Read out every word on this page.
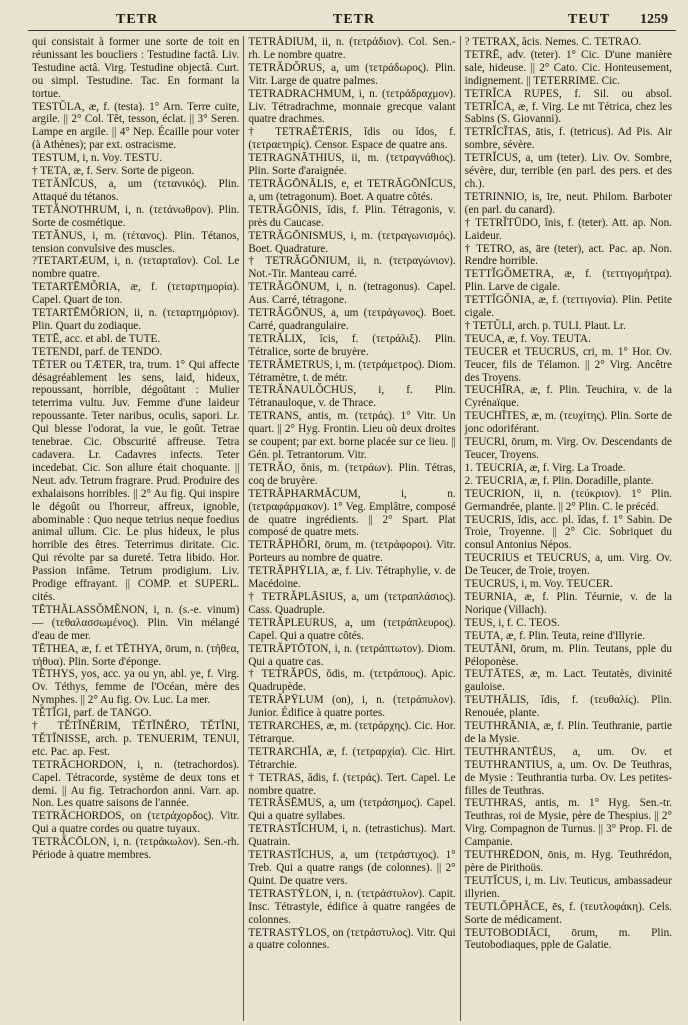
TETR	TETR	TEUT 1259

qui consistait à former une sorte de toit en réunissant les boucliers : Testudine factâ. Liv. Testudine actâ. Virg. Testudine objectâ. Curt. ou simpl. Testudine. Tac. En formant la tortue.

TESTŬLA, æ, f. (testa). 1° Arn. Terre cuite, argile. || 2° Col. Têt, tesson, éclat. || 3° Seren. Lampe en argile. || 4° Nep. Écaille pour voter (à Athènes); par ext. ostracisme.

TESTUM, i, n. Voy. TESTU.

† TETA, æ, f. Serv. Sorte de pigeon.

TETĂNĬCUS, a, um (τετανικός). Plin. Attaqué du tétanos.

TETĂNOTHRUM, i, n. (τετάνωθρον). Plin. Sorte de cosmétique.

TETĂNUS, i, m. (τέτανος). Plin. Tétanos, tension convulsive des muscles.

?TETARTÆUM, i, n. (τεταρταῖον). Col. Le nombre quatre.

TETARTĒMŎRIA, æ, f. (τεταρτημορία). Capel. Quart de ton.

TETARTĒMŎRION, ii, n. (τεταρτημόριον). Plin. Quart du zodiaque.

TETĒ, acc. et abl. de TUTE.

TETENDI, parf. de TENDO.

TĒTER ou TÆTER, tra, trum. 1° Qui affecte désagréablement les sens, laid, hideux, repoussant, horrible, dégoûtant : Mulier teterrima vultu. Juv. Femme d'une laideur repoussante. Teter naribus, oculis, sapori. Lr. Qui blesse l'odorat, la vue, le goût. Tetrae tenebrae. Cic. Obscurité affreuse. Tetra cadavera. Lr. Cadavres infects. Teter incedebat. Cic. Son allure était choquante. || Neut. adv. Tetrum fragrare. Prud. Produire des exhalaisons horribles. || 2° Au fig. Qui inspire le dégoût ou l'horreur, affreux, ignoble, abominable : Quo neque tetrius neque foedius animal ullum. Cic. Le plus hideux, le plus horrible des êtres. Teterrimus diritate. Cic. Qui révolte par sa dureté. Tetra libido. Hor. Passion infâme. Tetrum prodigium. Liv. Prodige effrayant. || COMP. et SUPERL. cités.

TĒTHĂLASSŎMĔNON, i, n. (s.-e. vinum) — (τεθαλασσωμένος). Plin. Vin mélangé d'eau de mer.

TĒTHEA, æ, f. et TĒTHYA, ōrum, n. (τήθεα, τήθυα). Plin. Sorte d'éponge.

TĒTHYS, yos, acc. ya ou yn, abl. ye, f. Virg. Ov. Téthys, femme de l'Océan, mère des Nymphes. || 2° Au fig. Ov. Luc. La mer.

TĔTĬGI, parf. de TANGO.

† TĔTĬNĔRIM, TĔTĬNĔRO, TĔTĬNI, TĔTĬNISSE, arch. p. TENUERIM, TENUI, etc. Pac. ap. Fest.

TETRĂCHORDON, i, n. (tetrachordos). Capel. Tétracorde, système de deux tons et demi. || Au fig. Tetrachordon anni. Varr. ap. Non. Les quatre saisons de l'année.

TETRĂCHORDOS, on (τετράχορδος). Vitr. Qui a quatre cordes ou quatre tuyaux.

TETRĂCŌLON, i, n. (τετράκωλον). Sen.-rh. Période à quatre membres.

TETRĂDIUM, ii, n. (τετράδιον). Col. Sen.-rh. Le nombre quatre.

TETRĂDŎRUS, a, um (τετράδωρος). Plin. Vitr. Large de quatre palmes.

TETRADRACHMUM, i, n. (τετράδραχμον). Liv. Tétradrachme, monnaie grecque valant quatre drachmes.

† TETRAĔTĒRIS, ĭdis ou ĭdos, f. (τετραετηρίς). Censor. Espace de quatre ans.

TETRAGNĀTHIUS, ii, m. (τετραγνάθιος). Plin. Sorte d'araignée.

TETRĂGŌNĀLIS, e, et TETRĂGŌNĬCUS, a, um (tetragonum). Boet. A quatre côtés.

TETRĂGŌNIS, ĭdis, f. Plin. Tétragonis, v. près du Caucase.

TETRĂGŌNISMUS, i, m. (τετραγωνισμός). Boet. Quadrature.

† TETRĂGŌNIUM, ii, n. (τετραγώνιον). Not.-Tir. Manteau carré.

TETRĂGŌNUM, i, n. (tetragonus). Capel. Aus. Carré, tétragone.

TETRĂGŌNUS, a, um (τετράγωνος). Boet. Carré, quadrangulaire.

TETRĂLIX, ĭcis, f. (τετράλιξ). Plin. Tétralice, sorte de bruyère.

TETRĂMETRUS, i, m. (τετράμετρος). Diom. Tétramètre, t. de métr.

TETRĂNAULŎCHUS, i, f. Plin. Tétranauloque, v. de Thrace.

TETRANS, antis, m. (τετράς). 1° Vitr. Un quart. || 2° Hyg. Frontin. Lieu où deux droites se coupent; par ext. borne placée sur ce lieu. || Gén. pl. Tetrantorum. Vitr.

TETRĂO, ŏnis, m. (τετράων). Plin. Tétras, coq de bruyère.

TETRĂPHARMĂCUM, i, n. (τετραφάρμακον). 1° Veg. Emplâtre, composé de quatre ingrédients. || 2° Spart. Plat composé de quatre mets.

TETRĂPHŎRI, ōrum, m. (τετράφοροι). Vitr. Porteurs au nombre de quatre.

TETRĂPHȲLIA, æ, f. Liv. Tétraphylie, v. de Macédoine.

† TETRĂPLĀSIUS, a, um (τετραπλάσιος). Cass. Quadruple.

TETRĂPLEURUS, a, um (τετράπλευρος). Capel. Qui a quatre côtés.

TETRĂPTŌTON, i, n. (τετράπτωτον). Diom. Qui a quatre cas.

† TETRĂPŪS, ŏdis, m. (τετράπους). Apic. Quadrupède.

TETRĂPȲLUM (on), i, n. (τετράπυλον). Junior. Édifice à quatre portes.

TETRARCHES, æ, m. (τετράρχης). Cic. Hor. Tétrarque.

TETRARCHĬA, æ, f. (τετραρχία). Cic. Hirt. Tétrarchie.

† TETRAS, ădis, f. (τετράς). Tert. Capel. Le nombre quatre.

TETRĂSĒMUS, a, um (τετράσημος). Capel. Qui a quatre syllabes.

TETRASTĬCHUM, i, n. (tetrastichus). Mart. Quatrain.

TETRASTĬCHUS, a, um (τετράστιχος). 1° Treb. Qui a quatre rangs (de colonnes). || 2° Quint. De quatre vers.

TETRASTȲLON, i, n. (τετράστυλον). Capit. Insc. Tétrastyle, édifice à quatre rangées de colonnes.

TETRASTȲLOS, on (τετράστυλος). Vitr. Qui a quatre colonnes.

? TETRAX, ăcis. Nemes. C. TETRAO.

TETRĒ, adv. (teter). 1° Cic. D'une manière sale, hideuse. || 2° Cato. Cic. Honteusement, indignement. || TETERRIME. Cic.

TETRĬCA RUPES, f. Sil. ou absol. TETRĬCA, æ, f. Virg. Le mt Tétrica, chez les Sabins (S. Giovanni).

TETRĬCĬTAS, ātis, f. (tetricus). Ad Pis. Air sombre, sévère.

TETRĬCUS, a, um (teter). Liv. Ov. Sombre, sévère, dur, terrible (en parl. des pers. et des ch.).

TETRINNIO, is, īre, neut. Philom. Barboter (en parl. du canard).

† TETRĬTŪDO, ĭnis, f. (teter). Att. ap. Non. Laideur.

† TETRO, as, āre (teter), act. Pac. ap. Non. Rendre horrible.

TETTĬGŎMETRA, æ, f. (τεττιγομήτρα). Plin. Larve de cigale.

TETTĬGŎNIA, æ, f. (τεττιγονία). Plin. Petite cigale.

† TETŬLI, arch. p. TULI. Plaut. Lr.

TEUCA, æ, f. Voy. TEUTA.

TEUCER et TEUCRUS, cri, m. 1° Hor. Ov. Teucer, fils de Télamon. || 2° Virg. Ancêtre des Troyens.

TEUCHĪRA, æ, f. Plin. Teuchira, v. de la Cyrénaïque.

TEUCHĪTES, æ, m. (τευχίτης). Plin. Sorte de jonc odoriférant.

TEUCRI, ōrum, m. Virg. Ov. Descendants de Teucer, Troyens.

1. TEUCRIA, æ, f. Virg. La Troade.

2. TEUCRIA, æ, f. Plin. Doradille, plante.

TEUCRION, ii, n. (τεύκριον). 1° Plin. Germandrée, plante. || 2° Plin. C. le précéd.

TEUCRIS, ĭdis, acc. pl. ĭdas, f. 1° Sabin. De Troie, Troyenne. || 2° Cic. Sobriquet du consul Antonius Népos.

TEUCRIUS et TEUCRUS, a, um. Virg. Ov. De Teucer, de Troie, troyen.

TEUCRUS, i, m. Voy. TEUCER.

TEURNIA, æ, f. Plin. Téurnie, v. de la Norique (Villach).

TEUS, i, f. C. TEOS.

TEUTA, æ, f. Plin. Teuta, reine d'Illyrie.

TEUTĀNI, ōrum, m. Plin. Teutans, pple du Péloponèse.

TEUTĀTES, æ, m. Lact. Teutatès, divinité gauloise.

TEUTHĀLIS, ĭdis, f. (τευθαλίς). Plin. Renouée, plante.

TEUTHRĀNIA, æ, f. Plin. Teuthranie, partie de la Mysie.

TEUTHRANTĒUS, a, um. Ov. et TEUTHRANTIUS, a, um. Ov. De Teuthras, de Mysie : Teuthrantia turba. Ov. Les petites-filles de Teuthras.

TEUTHRAS, antis, m. 1° Hyg. Sen.-tr. Teuthras, roi de Mysie, père de Thespius. || 2° Virg. Compagnon de Turnus. || 3° Prop. Fl. de Campanie.

TEUTHRĒDON, ōnis, m. Hyg. Teuthrédon, père de Pirithoüs.

TEUTĬCUS, i, m. Liv. Teuticus, ambassadeur illyrien.

TEUTLŎPHĂCE, ēs, f. (τευτλοφάκη). Cels. Sorte de médicament.

TEUTOBODIĀCI, ōrum, m. Plin. Teutobodiaques, pple de Galatie.
